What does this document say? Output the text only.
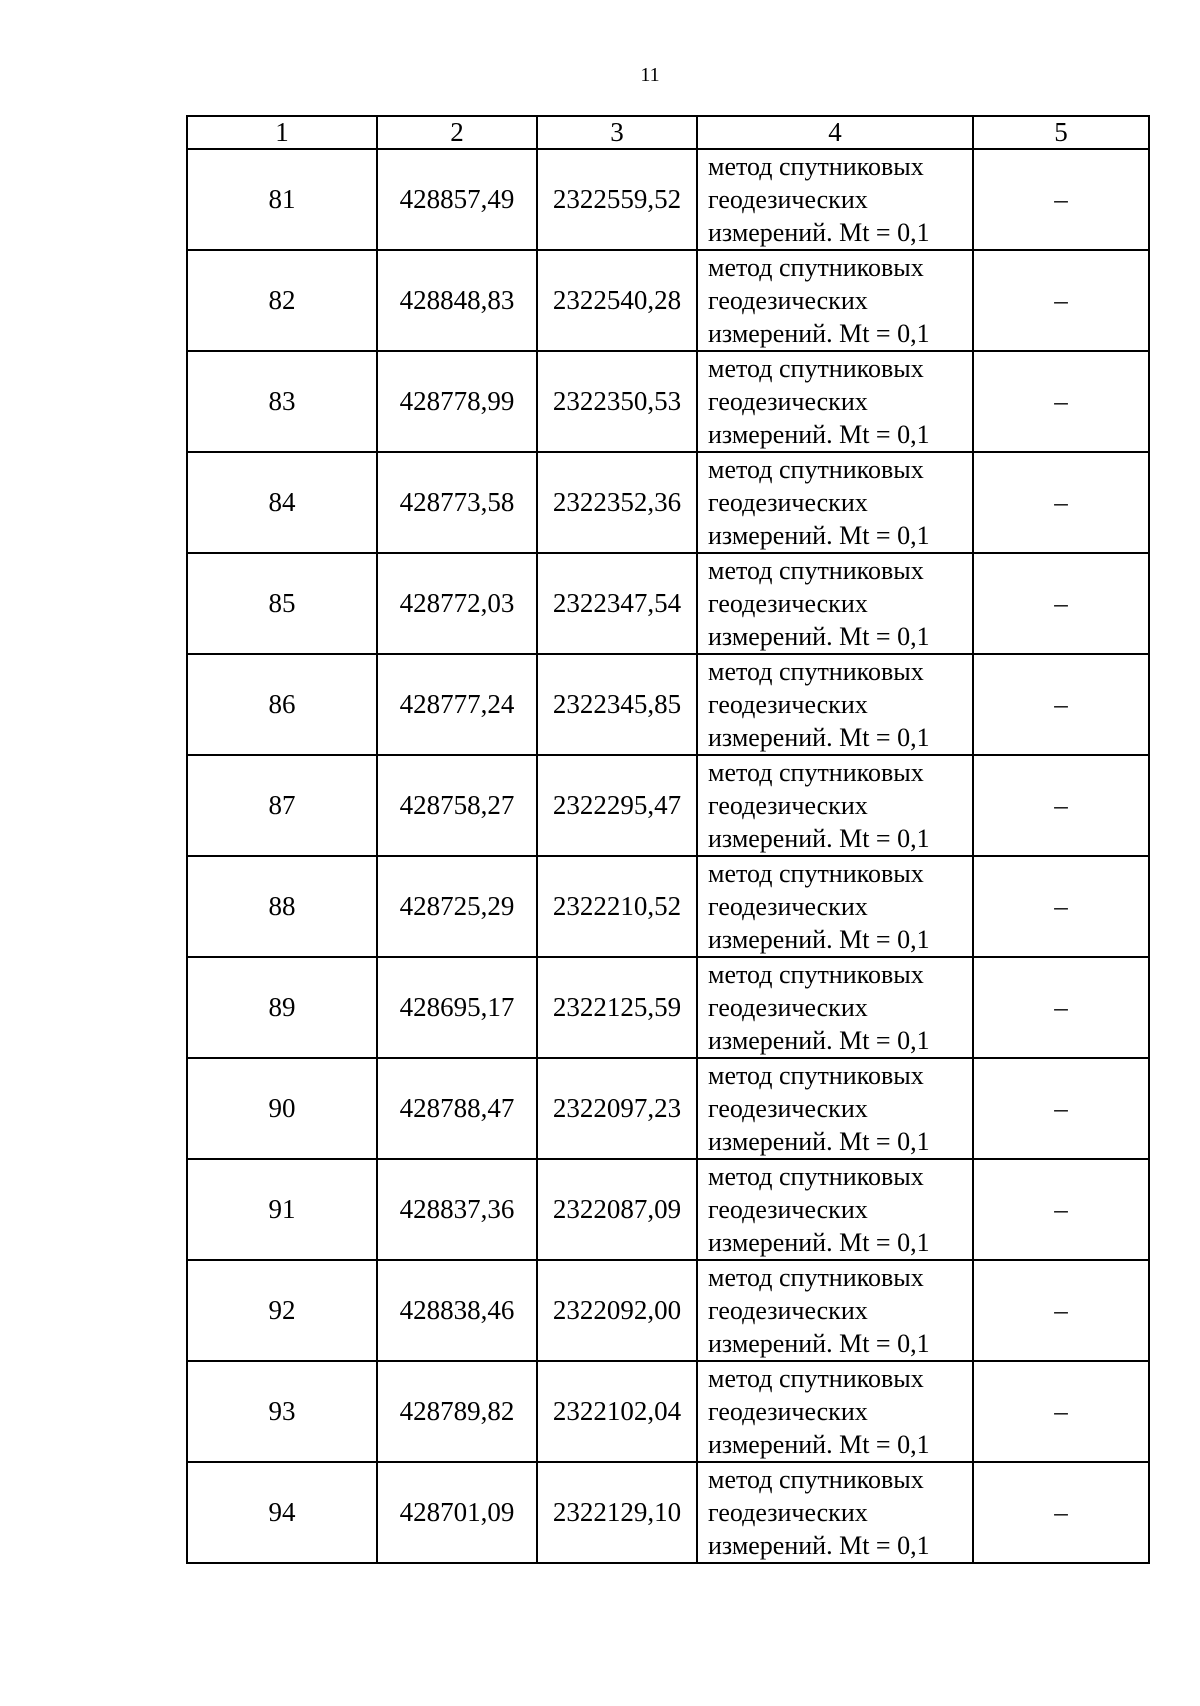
11
1	2	3	4	5
81	428857,49	2322559,52	метод спутниковых
геодезических
измерений. Mt = 0,1	–
82	428848,83	2322540,28	метод спутниковых
геодезических
измерений. Mt = 0,1	–
83	428778,99	2322350,53	метод спутниковых
геодезических
измерений. Mt = 0,1	–
84	428773,58	2322352,36	метод спутниковых
геодезических
измерений. Mt = 0,1	–
85	428772,03	2322347,54	метод спутниковых
геодезических
измерений. Mt = 0,1	–
86	428777,24	2322345,85	метод спутниковых
геодезических
измерений. Mt = 0,1	–
87	428758,27	2322295,47	метод спутниковых
геодезических
измерений. Mt = 0,1	–
88	428725,29	2322210,52	метод спутниковых
геодезических
измерений. Mt = 0,1	–
89	428695,17	2322125,59	метод спутниковых
геодезических
измерений. Mt = 0,1	–
90	428788,47	2322097,23	метод спутниковых
геодезических
измерений. Mt = 0,1	–
91	428837,36	2322087,09	метод спутниковых
геодезических
измерений. Mt = 0,1	–
92	428838,46	2322092,00	метод спутниковых
геодезических
измерений. Mt = 0,1	–
93	428789,82	2322102,04	метод спутниковых
геодезических
измерений. Mt = 0,1	–
94	428701,09	2322129,10	метод спутниковых
геодезических
измерений. Mt = 0,1	–
